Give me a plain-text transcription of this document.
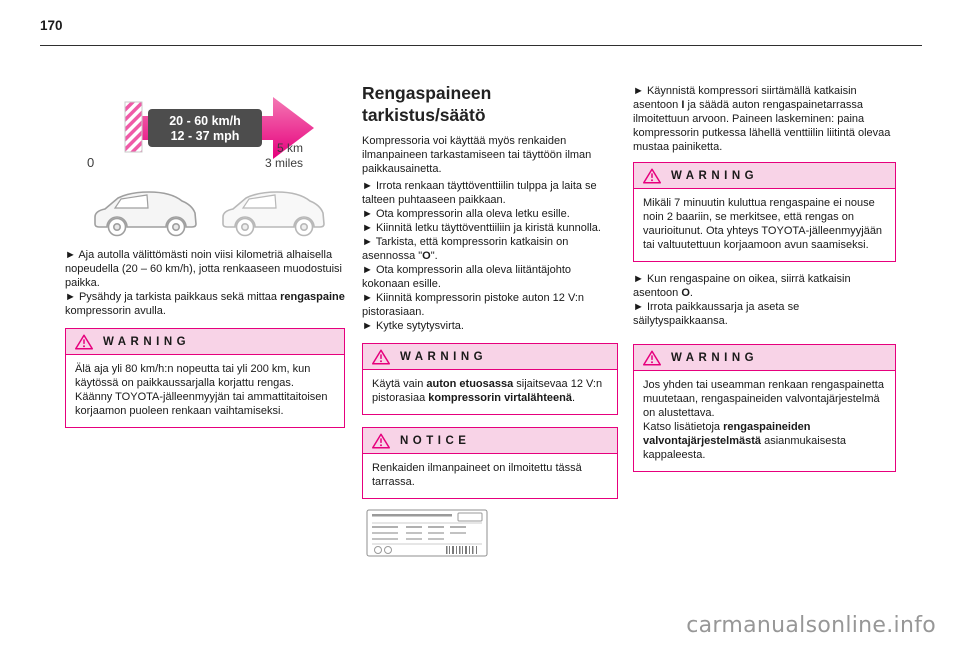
170
20 - 60 km/h
12 - 37 mph
0
5 km
3 miles

► Aja autolla välittömästi noin viisi kilometriä alhaisella nopeudella (20 – 60 km/h), jotta renkaaseen muodostuisi paikka.

► Pysähdy ja tarkista paikkaus sekä mittaa rengaspaine kompressorin avulla.

WARNING

Älä aja yli 80 km/h:n nopeutta tai yli 200 km, kun käytössä on paikkaussarjalla korjattu rengas.

Käänny TOYOTA-jälleenmyyjän tai ammattitaitoisen korjaamon puoleen renkaan vaihtamiseksi.

Rengaspaineen tarkistus/säätö

Kompressoria voi käyttää myös renkaiden ilmanpaineen tarkastamiseen tai täyttöön ilman paikkausainetta.

► Irrota renkaan täyttöventtiilin tulppa ja laita se talteen puhtaaseen paikkaan.

► Ota kompressorin alla oleva letku esille.

► Kiinnitä letku täyttöventtiiliin ja kiristä kunnolla.

► Tarkista, että kompressorin katkaisin on asennossa "O".

► Ota kompressorin alla oleva liitäntäjohto kokonaan esille.

► Kiinnitä kompressorin pistoke auton 12 V:n pistorasiaan.

► Kytke sytytysvirta.

WARNING

Käytä vain auton etuosassa sijaitsevaa 12 V:n pistorasiaa kompressorin virtalähteenä.

NOTICE

Renkaiden ilmanpaineet on ilmoitettu tässä tarrassa.

► Käynnistä kompressori siirtämällä katkaisin asentoon I ja säädä auton rengaspainetarrassa ilmoitettuun arvoon. Paineen laskeminen: paina kompressorin putkessa lähellä venttiilin liitintä olevaa mustaa painiketta.

WARNING

Mikäli 7 minuutin kuluttua rengaspaine ei nouse noin 2 baariin, se merkitsee, että rengas on vaurioitunut. Ota yhteys TOYOTA-jälleenmyyjään tai valtuutettuun korjaamoon avun saamiseksi.

► Kun rengaspaine on oikea, siirrä katkaisin asentoon O.

► Irrota paikkaussarja ja aseta se säilytyspaikkaansa.

WARNING

Jos yhden tai useamman renkaan rengaspainetta muutetaan, rengaspaineiden valvontajärjestelmä on alustettava.

Katso lisätietoja rengaspaineiden valvontajärjestelmästä asianmukaisesta kappaleesta.

carmanualsonline.info
